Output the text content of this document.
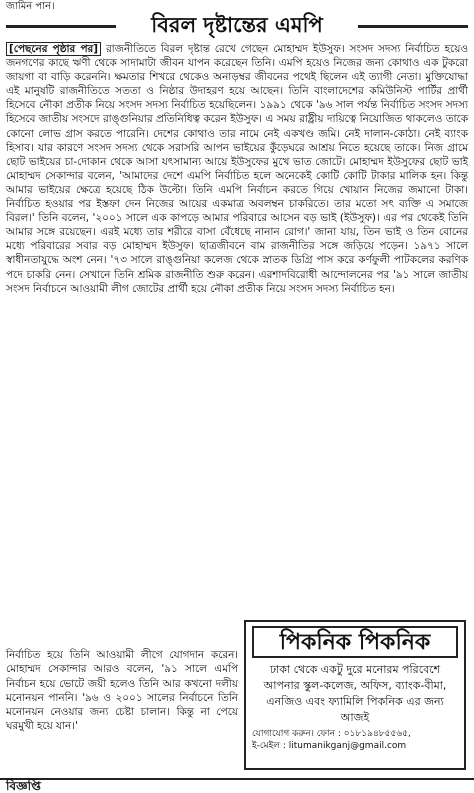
জামিন পান।
বিরল দৃষ্টান্তের এমপি

[পেছনের পৃষ্ঠার পর] রাজনীতিতে বিরল দৃষ্টান্ত রেখে গেছেন মোহাম্মদ ইউসুফ। সংসদ সদস্য নির্বাচিত হয়েও জনগণের কাছে ঋণী থেকে সাদামাটা জীবন যাপন করেছেন তিনি। এমপি হয়েও নিজের জন্য কোথাও এক টুকরো জায়গা বা বাড়ি করেননি। ক্ষমতার শিখরে থেকেও অনাড়ম্বর জীবনের পথেই ছিলেন এই ত্যাগী নেতা। মুক্তিযোদ্ধা এই মানুষটি রাজনীতিতে সততা ও নিষ্ঠার উদাহরণ হয়ে আছেন। তিনি বাংলাদেশের কমিউনিস্ট পার্টির প্রার্থী হিসেবে নৌকা প্রতীক নিয়ে সংসদ সদস্য নির্বাচিত হয়েছিলেন। ১৯৯১ থেকে '৯৬ সাল পর্যন্ত নির্বাচিত সংসদ সদস্য হিসেবে জাতীয় সংসদে রাঙ্গুনিয়ার প্রতিনিধিত্ব করেন ইউসুফ। এ সময় রাষ্ট্রীয় দায়িত্বে নিয়োজিত থাকলেও তাকে কোনো লোভ গ্রাস করতে পারেনি। দেশের কোথাও তার নামে নেই একখণ্ড জমি। নেই দালান-কোঠা। নেই ব্যাংক হিসাব। যার কারণে সংসদ সদস্য থেকে সরাসরি আপন ভাইয়ের কুঁড়েঘরে আশ্রয় নিতে হয়েছে তাকে। নিজ গ্রামে ছোট ভাইয়ের চা-দোকান থেকে আসা যৎসামান্য আয়ে ইউসুফের মুখে ভাত জোটে। মোহাম্মদ ইউসুফের ছোট ভাই মোহাম্মদ সেকান্দার বলেন, 'আমাদের দেশে এমপি নির্বাচিত হলে অনেকেই কোটি কোটি টাকার মালিক হন। কিন্তু আমার ভাইয়ের ক্ষেত্রে হয়েছে ঠিক উল্টো। তিনি এমপি নির্বাচন করতে গিয়ে খোয়ান নিজের জমানো টাকা। নির্বাচিত হওয়ার পর ইস্তফা দেন নিজের আয়ের একমাত্র অবলম্বন চাকরিতে। তার মতো সৎ ব্যক্তি এ সমাজে বিরল।' তিনি বলেন, '২০০১ সালে এক কাপড়ে আমার পরিবারে আসেন বড় ভাই (ইউসুফ)। এর পর থেকেই তিনি আমার সঙ্গে রয়েছেন। এরই মধ্যে তার শরীরে বাসা বেঁধেছে নানান রোগ।' জানা যায়, তিন ভাই ও তিন বোনের মধ্যে পরিবারের সবার বড় মোহাম্মদ ইউসুফ। ছাত্রজীবনে বাম রাজনীতির সঙ্গে জড়িয়ে পড়েন। ১৯৭১ সালে স্বাধীনতাযুদ্ধে অংশ নেন। '৭৩ সালে রাঙ্গুনিয়া কলেজ থেকে স্নাতক ডিগ্রি পাস করে কর্ণফুলী পাটকলের করণিক পদে চাকরি নেন। সেখানে তিনি শ্রমিক রাজনীতি শুরু করেন। এরশাদবিরোধী আন্দোলনের পর '৯১ সালে জাতীয় সংসদ নির্বাচনে আওয়ামী লীগ জোটের প্রার্থী হয়ে নৌকা প্রতীক নিয়ে সংসদ সদস্য নির্বাচিত হন।

নির্বাচিত হয়ে তিনি আওয়ামী লীগে যোগদান করেন। মোহাম্মদ সেকান্দার আরও বলেন, '৯১ সালে এমপি নির্বাচন হয়ে ভোটে জয়ী হলেও তিনি আর কখনো দলীয় মনোনয়ন পাননি। '৯৬ ও ২০০১ সালের নির্বাচনে তিনি মনোনয়ন নেওয়ার জন্য চেষ্টা চালান। কিন্তু না পেয়ে ঘরমুখী হয়ে যান।'

পিকনিক পিকনিক
ঢাকা থেকে একটু দুরে মনোরম পরিবেশে আপনার স্কুল-কলেজ, অফিস, ব্যাংক-বীমা, এনজিও এবং ফ্যামিলি পিকনিক এর জন্য আজই
যোগাযোগ করুন। ফোন : ০১৮১৯৪৮৫৫৬৫,
ই-মেইল : litumanikganj@gmail.com
বিজ্ঞপ্তি
